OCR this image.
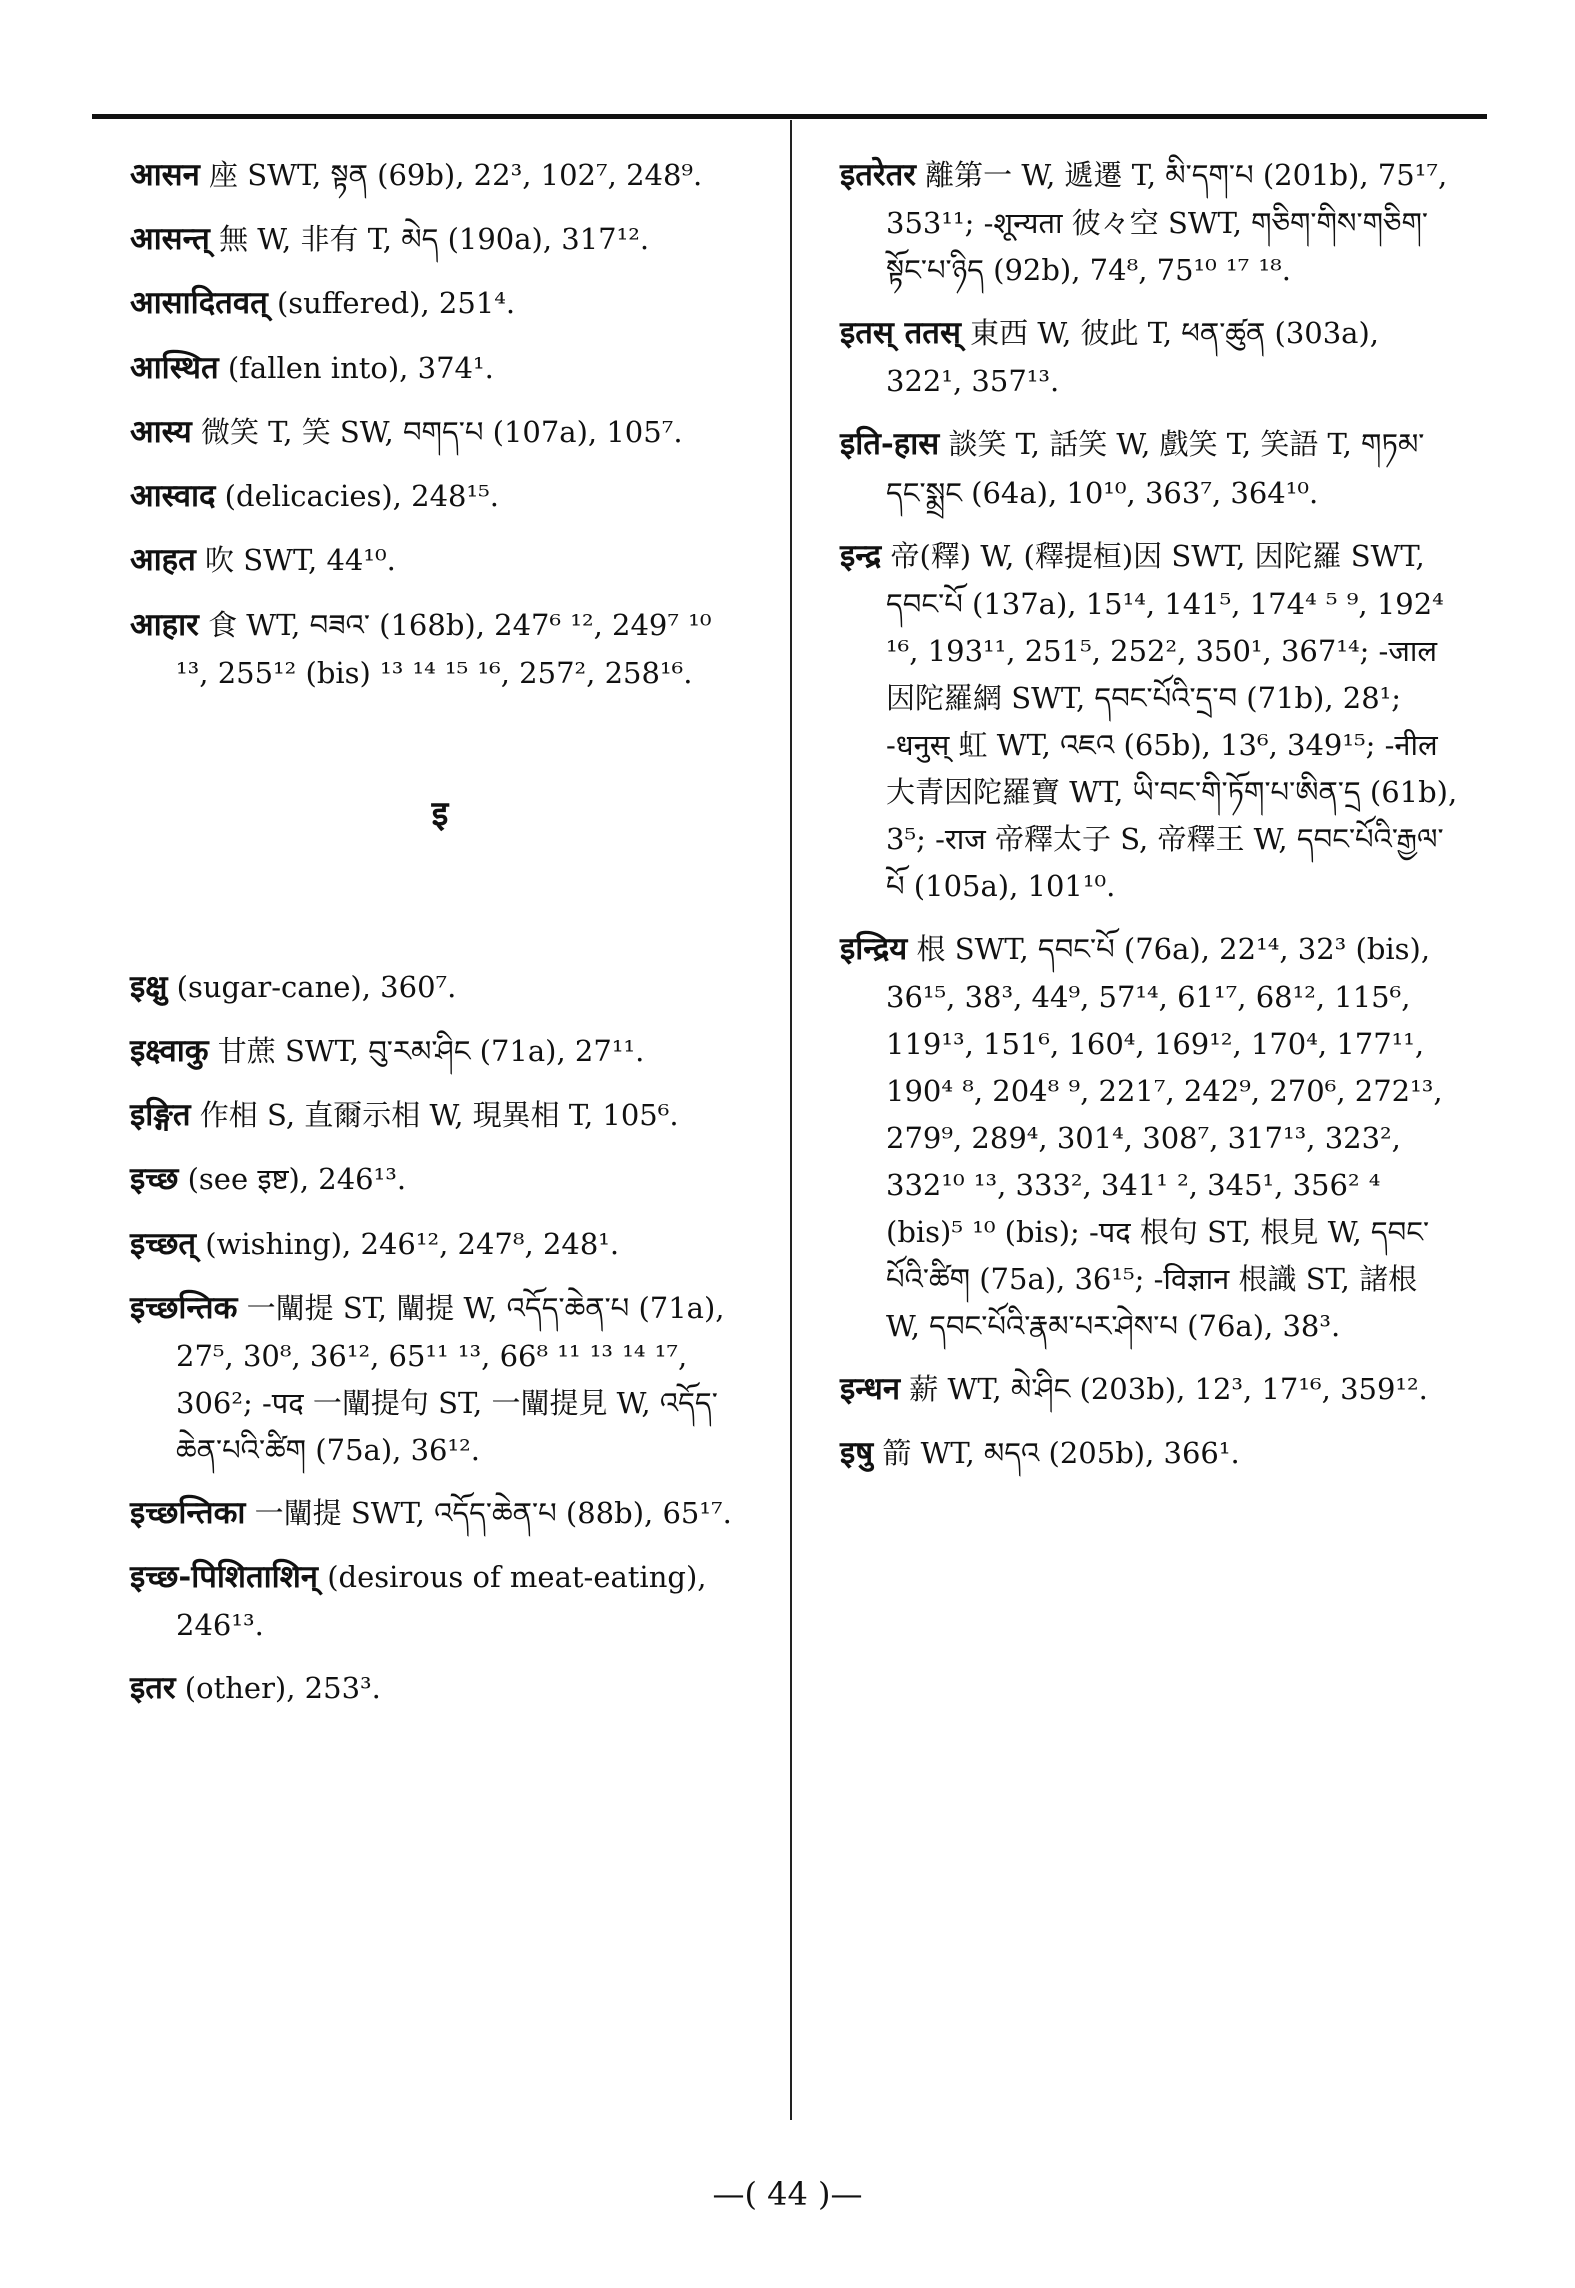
आसन 座 SWT, སྟན (69b), 22³, 102⁷, 248⁹.
आसन्त् 無 W, 非有 T, མེད (190a), 317¹².
आसादितवत् (suffered), 251⁴.
आस्थित (fallen into), 374¹.
आस्य 微笑 T, 笑 SW, བགད་པ (107a), 105⁷.
आस्वाद (delicacies), 248¹⁵.
आहत 吹 SWT, 44¹⁰.
आहार 食 WT, བཟའ་ (168b), 247⁶ ¹², 249⁷ ¹⁰ ¹³, 255¹² (bis) ¹³ ¹⁴ ¹⁵ ¹⁶, 257², 258¹⁶.
इ
इक्षु (sugar-cane), 360⁷.
इक्ष्वाकु 甘蔗 SWT, བུ་རམ་ཤིང (71a), 27¹¹.
इङ्गित 作相 S, 直爾示相 W, 現異相 T, 105⁶.
इच्छ (see इष्ट), 246¹³.
इच्छत् (wishing), 246¹², 247⁸, 248¹.
इच्छन्तिक 一闡提 ST, 闡提 W, འདོད་ཆེན་པ (71a), 27⁵, 30⁸, 36¹², 65¹¹ ¹³, 66⁸ ¹¹ ¹³ ¹⁴ ¹⁷, 306²; -पद 一闡提句 ST, 一闡提見 W, འདོད་ཆེན་པའི་ཚིག (75a), 36¹².
इच्छन्तिका 一闡提 SWT, འདོད་ཆེན་པ (88b), 65¹⁷.
इच्छ-पिशिताशिन् (desirous of meat-eating), 246¹³.
इतर (other), 253³.
इतरेतर 離第一 W, 遞遷 T, མི་དག་པ (201b), 75¹⁷, 353¹¹; -शून्यता 彼々空 SWT, གཅིག་གིས་གཅིག་སྟོང་པ་ཉིད (92b), 74⁸, 75¹⁰ ¹⁷ ¹⁸.
इतस् ततस् 東西 W, 彼此 T, ཕན་ཚུན (303a), 322¹, 357¹³.
इति-हास 談笑 T, 話笑 W, 戲笑 T, 笑語 T, གཏམ་དང་སྨྲང (64a), 10¹⁰, 363⁷, 364¹⁰.
इन्द्र 帝(釋) W, (釋提桓)因 SWT, 因陀羅 SWT, དབང་པོ (137a), 15¹⁴, 141⁵, 174⁴ ⁵ ⁹, 192⁴ ¹⁶, 193¹¹, 251⁵, 252², 350¹, 367¹⁴; -जाल 因陀羅網 SWT, དབང་པོའི་དྲ་བ (71b), 28¹; -धनुस् 虹 WT, འཇའ (65b), 13⁶, 349¹⁵; -नील 大青因陀羅寶 WT, ཡི་བང་གི་ཏོག་པ་ཨིན་དྲ (61b), 3⁵; -राज 帝釋太子 S, 帝釋王 W, དབང་པོའི་རྒྱལ་པོ (105a), 101¹⁰.
इन्द्रिय 根 SWT, དབང་པོ (76a), 22¹⁴, 32³ (bis), 36¹⁵, 38³, 44⁹, 57¹⁴, 61¹⁷, 68¹², 115⁶, 119¹³, 151⁶, 160⁴, 169¹², 170⁴, 177¹¹, 190⁴ ⁸, 204⁸ ⁹, 221⁷, 242⁹, 270⁶, 272¹³, 279⁹, 289⁴, 301⁴, 308⁷, 317¹³, 323², 332¹⁰ ¹³, 333², 341¹ ², 345¹, 356² ⁴ (bis)⁵ ¹⁰ (bis); -पद 根句 ST, 根見 W, དབང་པོའི་ཚིག (75a), 36¹⁵; -विज्ञान 根識 ST, 諸根 W, དབང་པོའི་རྣམ་པར་ཤེས་པ (76a), 38³.
इन्धन 薪 WT, མེ་ཤིང (203b), 12³, 17¹⁶, 359¹².
इषु 箭 WT, མདའ (205b), 366¹.
—( 44 )—
